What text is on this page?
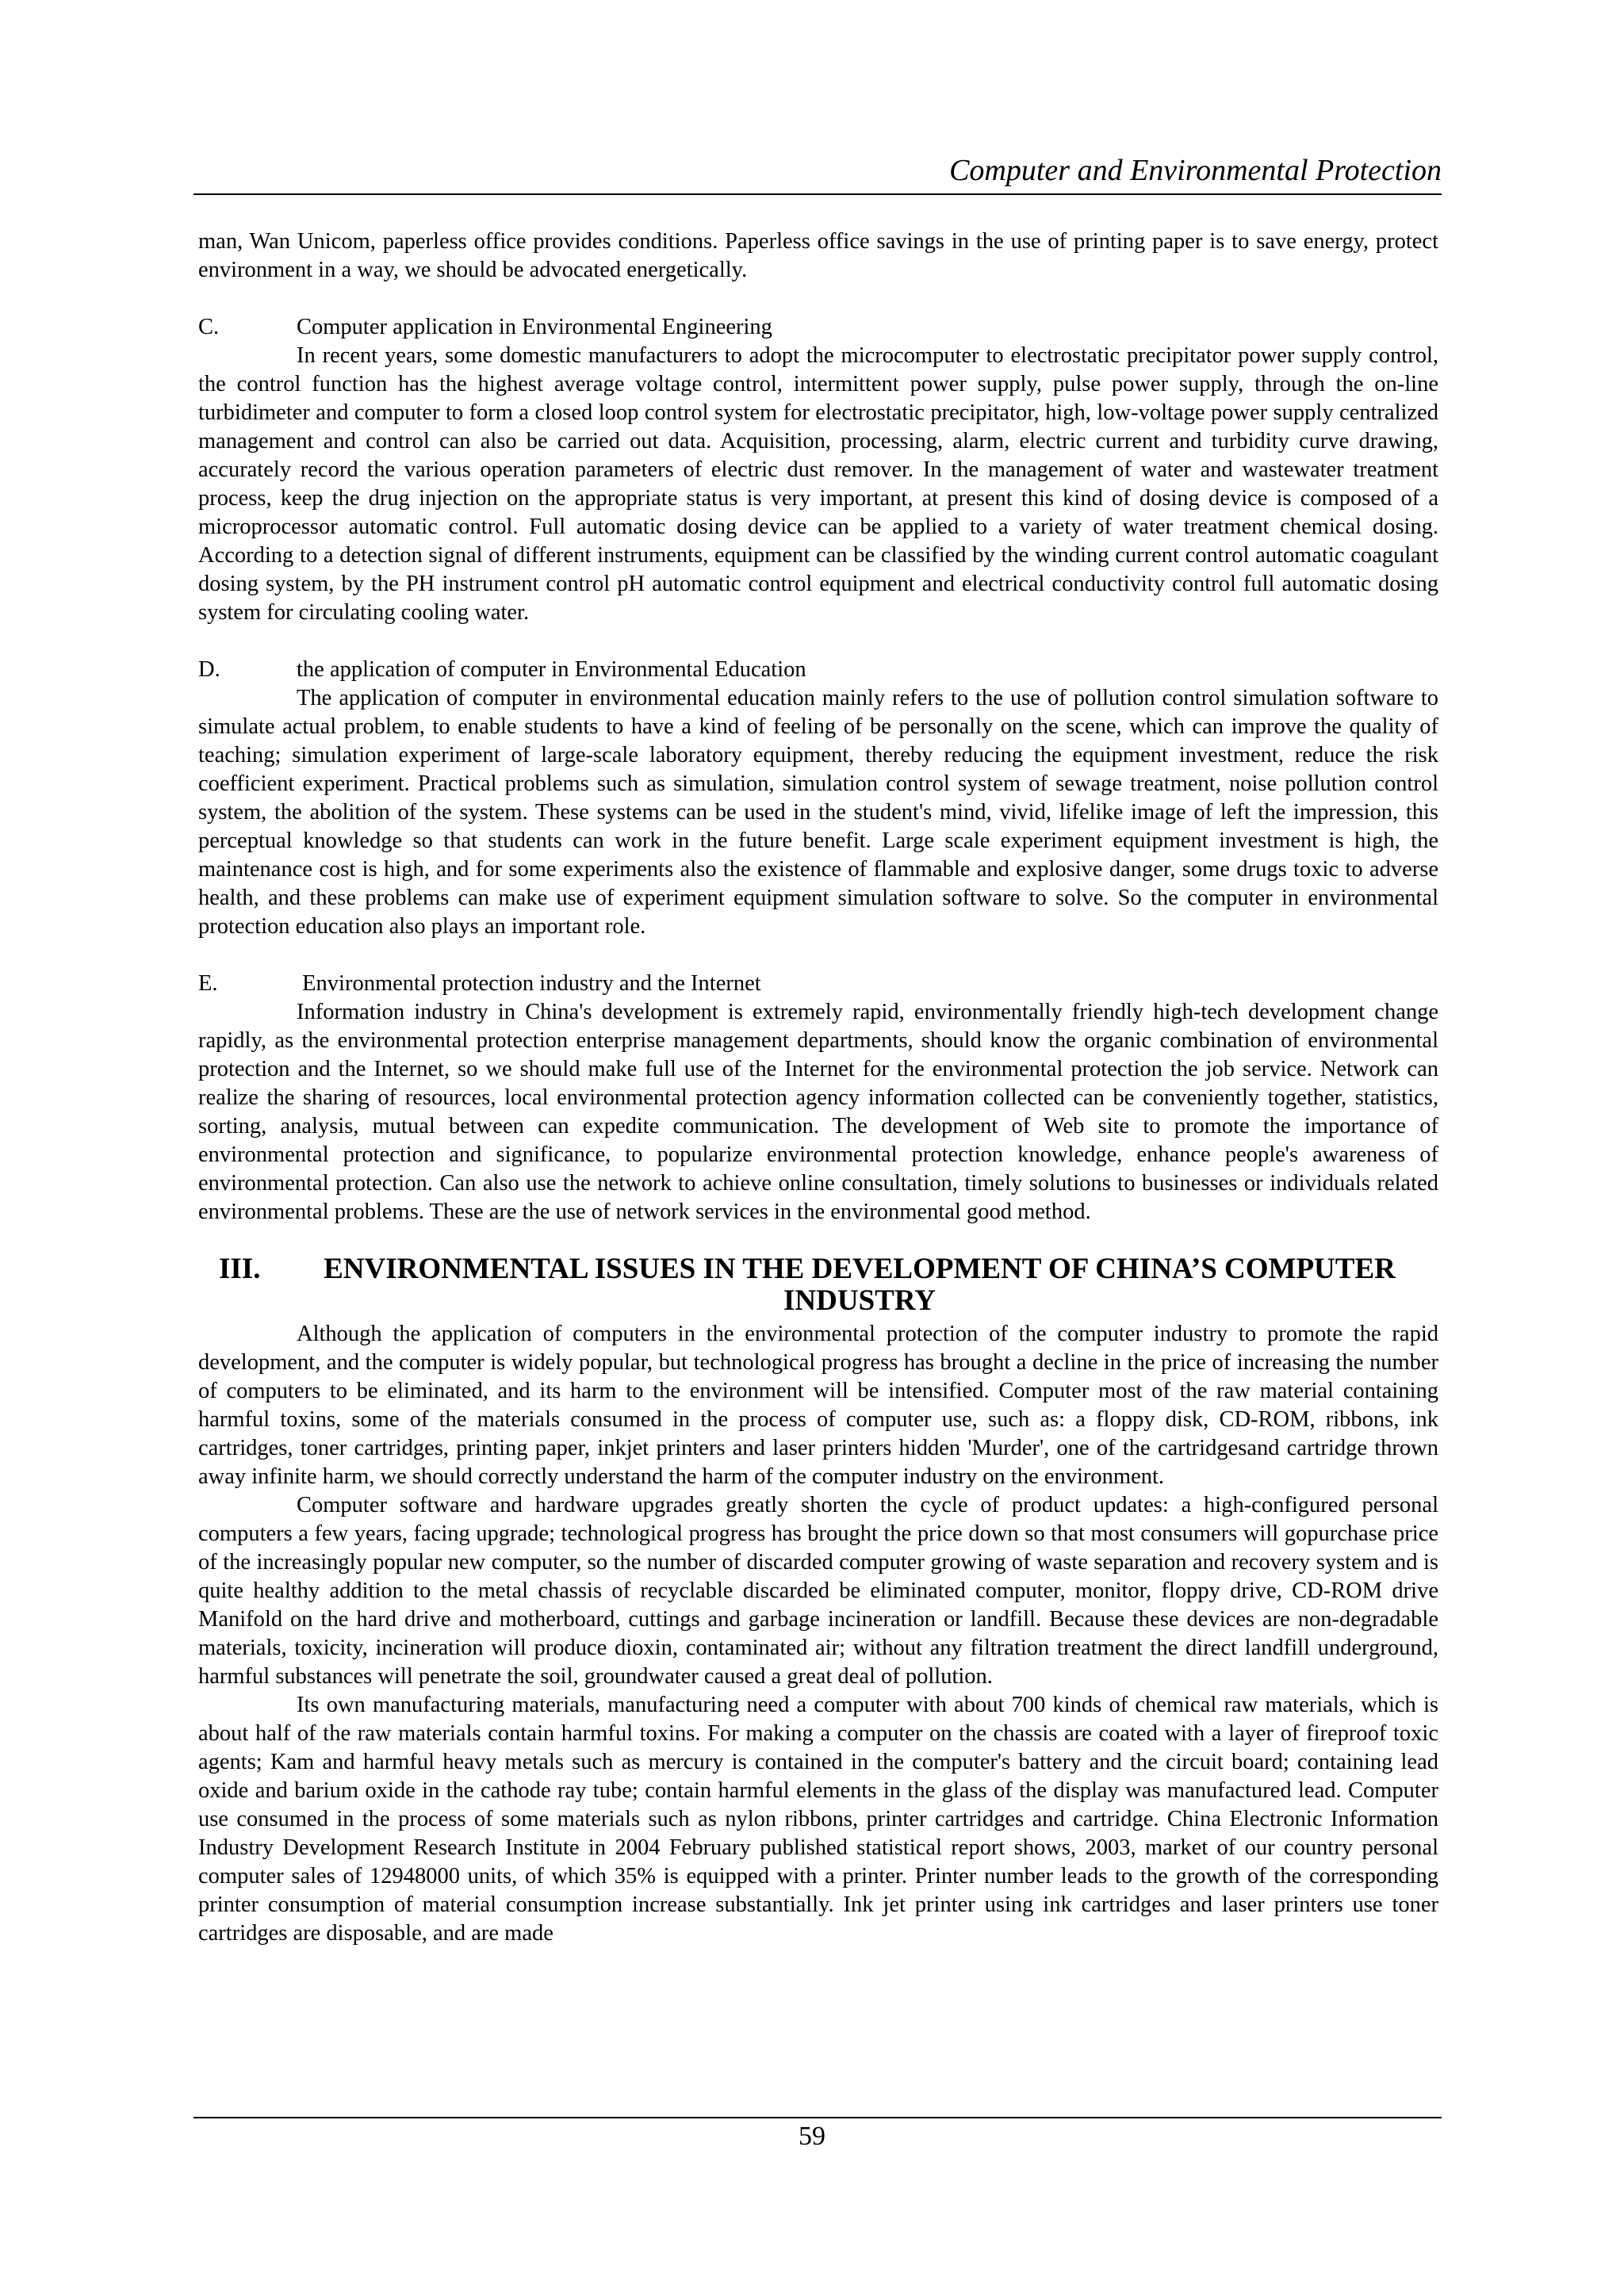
Computer and Environmental Protection

man, Wan Unicom, paperless office provides conditions. Paperless office savings in the use of printing paper is to save energy, protect environment in a way, we should be advocated energetically.

C.	Computer application in Environmental Engineering

In recent years, some domestic manufacturers to adopt the microcomputer to electrostatic precipitator power supply control, the control function has the highest average voltage control, intermittent power supply, pulse power supply, through the on-line turbidimeter and computer to form a closed loop control system for electrostatic precipitator, high, low-voltage power supply centralized management and control can also be carried out data. Acquisition, processing, alarm, electric current and turbidity curve drawing, accurately record the various operation parameters of electric dust remover. In the management of water and wastewater treatment process, keep the drug injection on the appropriate status is very important, at present this kind of dosing device is composed of a microprocessor automatic control. Full automatic dosing device can be applied to a variety of water treatment chemical dosing. According to a detection signal of different instruments, equipment can be classified by the winding current control automatic coagulant dosing system, by the PH instrument control pH automatic control equipment and electrical conductivity control full automatic dosing system for circulating cooling water.

D.	the application of computer in Environmental Education

The application of computer in environmental education mainly refers to the use of pollution control simulation software to simulate actual problem, to enable students to have a kind of feeling of be personally on the scene, which can improve the quality of teaching; simulation experiment of large-scale laboratory equipment, thereby reducing the equipment investment, reduce the risk coefficient experiment. Practical problems such as simulation, simulation control system of sewage treatment, noise pollution control system, the abolition of the system. These systems can be used in the student's mind, vivid, lifelike image of left the impression, this perceptual knowledge so that students can work in the future benefit. Large scale experiment equipment investment is high, the maintenance cost is high, and for some experiments also the existence of flammable and explosive danger, some drugs toxic to adverse health, and these problems can make use of experiment equipment simulation software to solve. So the computer in environmental protection education also plays an important role.

E.	Environmental protection industry and the Internet

Information industry in China's development is extremely rapid, environmentally friendly high-tech development change rapidly, as the environmental protection enterprise management departments, should know the organic combination of environmental protection and the Internet, so we should make full use of the Internet for the environmental protection the job service. Network can realize the sharing of resources, local environmental protection agency information collected can be conveniently together, statistics, sorting, analysis, mutual between can expedite communication. The development of Web site to promote the importance of environmental protection and significance, to popularize environmental protection knowledge, enhance people's awareness of environmental protection. Can also use the network to achieve online consultation, timely solutions to businesses or individuals related environmental problems. These are the use of network services in the environmental good method.

III.	ENVIRONMENTAL ISSUES IN THE DEVELOPMENT OF CHINA’S COMPUTER INDUSTRY

Although the application of computers in the environmental protection of the computer industry to promote the rapid development, and the computer is widely popular, but technological progress has brought a decline in the price of increasing the number of computers to be eliminated, and its harm to the environment will be intensified. Computer most of the raw material containing harmful toxins, some of the materials consumed in the process of computer use, such as: a floppy disk, CD-ROM, ribbons, ink cartridges, toner cartridges, printing paper, inkjet printers and laser printers hidden 'Murder', one of the cartridgesand cartridge thrown away infinite harm, we should correctly understand the harm of the computer industry on the environment.

Computer software and hardware upgrades greatly shorten the cycle of product updates: a high-configured personal computers a few years, facing upgrade; technological progress has brought the price down so that most consumers will gopurchase price of the increasingly popular new computer, so the number of discarded computer growing of waste separation and recovery system and is quite healthy addition to the metal chassis of recyclable discarded be eliminated computer, monitor, floppy drive, CD-ROM drive Manifold on the hard drive and motherboard, cuttings and garbage incineration or landfill. Because these devices are non-degradable materials, toxicity, incineration will produce dioxin, contaminated air; without any filtration treatment the direct landfill underground, harmful substances will penetrate the soil, groundwater caused a great deal of pollution.

Its own manufacturing materials, manufacturing need a computer with about 700 kinds of chemical raw materials, which is about half of the raw materials contain harmful toxins. For making a computer on the chassis are coated with a layer of fireproof toxic agents; Kam and harmful heavy metals such as mercury is contained in the computer's battery and the circuit board; containing lead oxide and barium oxide in the cathode ray tube; contain harmful elements in the glass of the display was manufactured lead. Computer use consumed in the process of some materials such as nylon ribbons, printer cartridges and cartridge. China Electronic Information Industry Development Research Institute in 2004 February published statistical report shows, 2003, market of our country personal computer sales of 12948000 units, of which 35% is equipped with a printer. Printer number leads to the growth of the corresponding printer consumption of material consumption increase substantially. Ink jet printer using ink cartridges and laser printers use toner cartridges are disposable, and are made

59
